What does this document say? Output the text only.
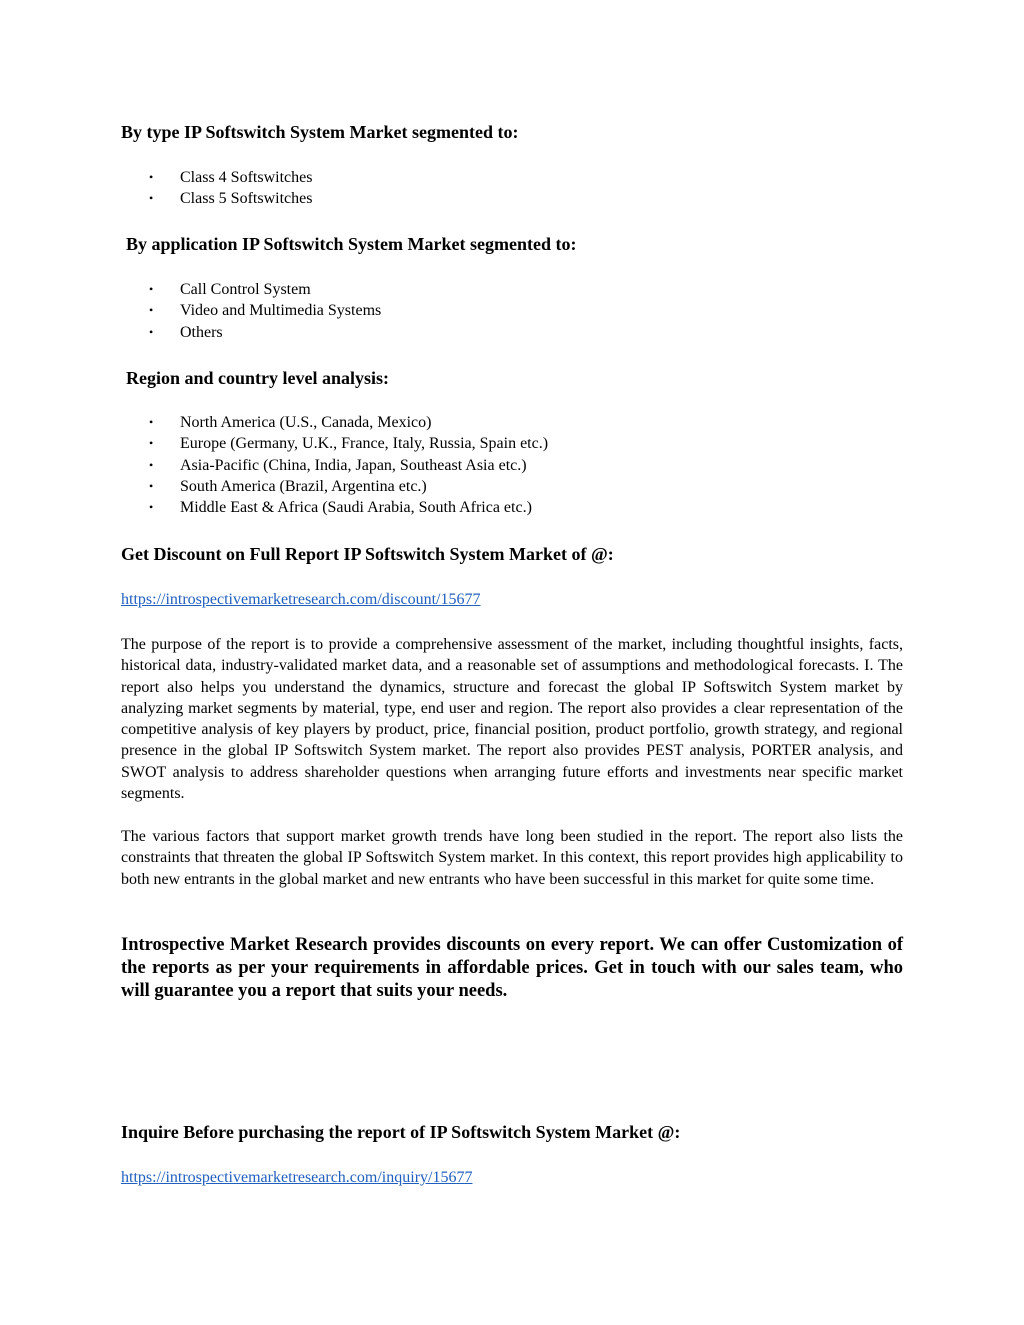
By type IP Softswitch System Market segmented to:
• Class 4 Softswitches
• Class 5 Softswitches
By application IP Softswitch System Market segmented to:
• Call Control System
• Video and Multimedia Systems
• Others
Region and country level analysis:
• North America (U.S., Canada, Mexico)
• Europe (Germany, U.K., France, Italy, Russia, Spain etc.)
• Asia-Pacific (China, India, Japan, Southeast Asia etc.)
• South America (Brazil, Argentina etc.)
• Middle East & Africa (Saudi Arabia, South Africa etc.)
Get Discount on Full Report IP Softswitch System Market of @:
https://introspectivemarketresearch.com/discount/15677

The purpose of the report is to provide a comprehensive assessment of the market, including thoughtful insights, facts, historical data, industry-validated market data, and a reasonable set of assumptions and methodological forecasts. I. The report also helps you understand the dynamics, structure and forecast the global IP Softswitch System market by analyzing market segments by material, type, end user and region. The report also provides a clear representation of the competitive analysis of key players by product, price, financial position, product portfolio, growth strategy, and regional presence in the global IP Softswitch System market. The report also provides PEST analysis, PORTER analysis, and SWOT analysis to address shareholder questions when arranging future efforts and investments near specific market segments.

The various factors that support market growth trends have long been studied in the report. The report also lists the constraints that threaten the global IP Softswitch System market. In this context, this report provides high applicability to both new entrants in the global market and new entrants who have been successful in this market for quite some time.

Introspective Market Research provides discounts on every report. We can offer Customization of the reports as per your requirements in affordable prices. Get in touch with our sales team, who will guarantee you a report that suits your needs.

Inquire Before purchasing the report of IP Softswitch System Market @:
https://introspectivemarketresearch.com/inquiry/15677
